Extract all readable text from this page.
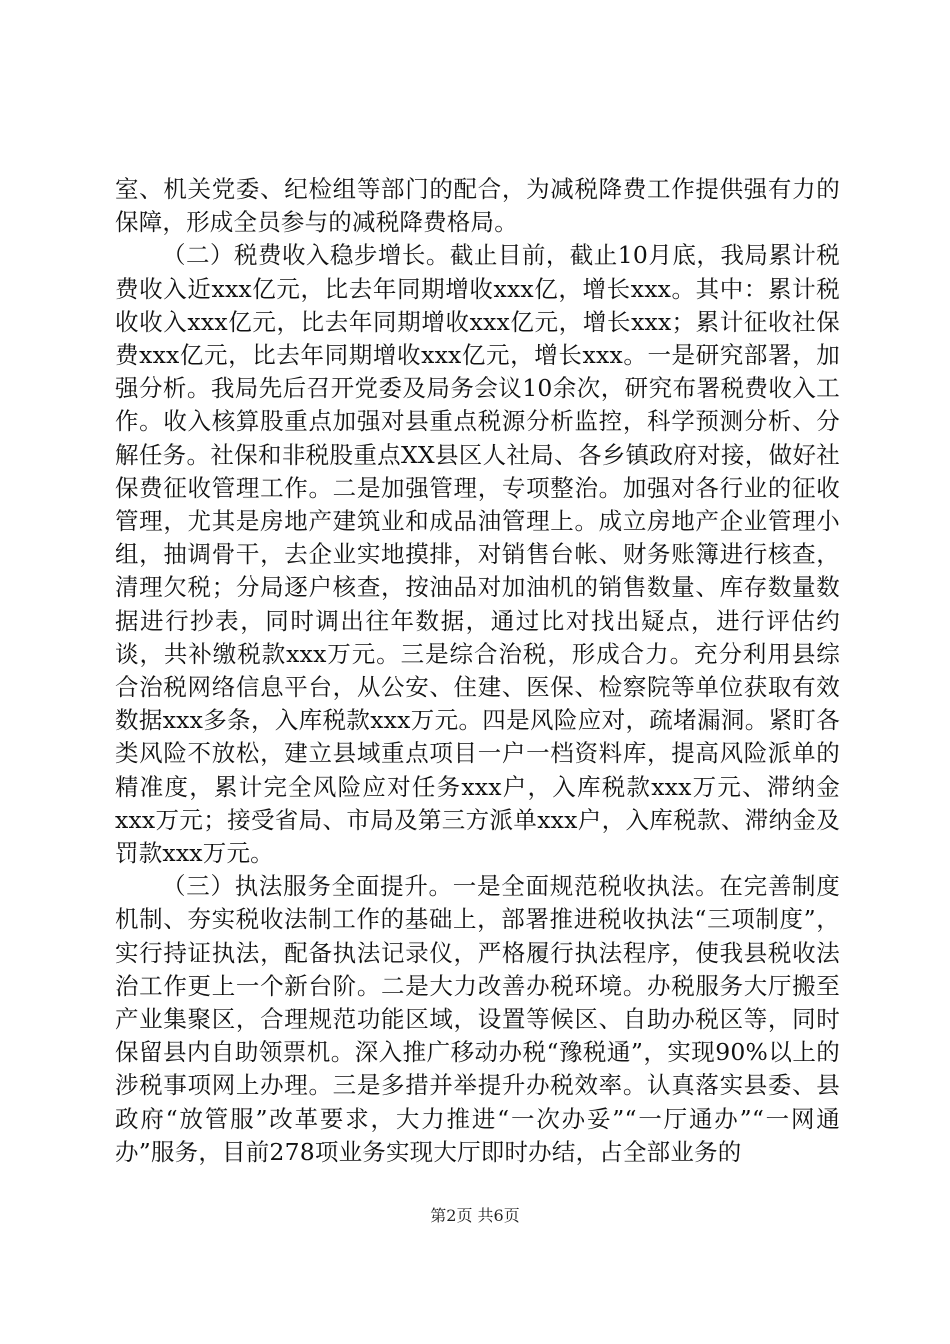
室、机关党委、纪检组等部门的配合，为减税降费工作提供强有力的保障，形成全员参与的减税降费格局。

（二）税费收入稳步增长。截止目前，截止10月底，我局累计税费收入近xxx亿元，比去年同期增收xxx亿，增长xxx。其中：累计税收收入xxx亿元，比去年同期增收xxx亿元，增长xxx；累计征收社保费xxx亿元，比去年同期增收xxx亿元，增长xxx。一是研究部署，加强分析。我局先后召开党委及局务会议10余次，研究布署税费收入工作。收入核算股重点加强对县重点税源分析监控，科学预测分析、分解任务。社保和非税股重点XX县区人社局、各乡镇政府对接，做好社保费征收管理工作。二是加强管理，专项整治。加强对各行业的征收管理，尤其是房地产建筑业和成品油管理上。成立房地产企业管理小组，抽调骨干，去企业实地摸排，对销售台帐、财务账簿进行核查，清理欠税；分局逐户核查，按油品对加油机的销售数量、库存数量数据进行抄表，同时调出往年数据，通过比对找出疑点，进行评估约谈，共补缴税款xxx万元。三是综合治税，形成合力。充分利用县综合治税网络信息平台，从公安、住建、医保、检察院等单位获取有效数据xxx多条，入库税款xxx万元。四是风险应对，疏堵漏洞。紧盯各类风险不放松，建立县域重点项目一户一档资料库，提高风险派单的精准度，累计完全风险应对任务xxx户，入库税款xxx万元、滞纳金xxx万元；接受省局、市局及第三方派单xxx户，入库税款、滞纳金及罚款xxx万元。

（三）执法服务全面提升。一是全面规范税收执法。在完善制度机制、夯实税收法制工作的基础上，部署推进税收执法“三项制度”，实行持证执法，配备执法记录仪，严格履行执法程序，使我县税收法治工作更上一个新台阶。二是大力改善办税环境。办税服务大厅搬至产业集聚区，合理规范功能区域，设置等候区、自助办税区等，同时保留县内自助领票机。深入推广移动办税“豫税通”，实现90%以上的涉税事项网上办理。三是多措并举提升办税效率。认真落实县委、县政府“放管服”改革要求，大力推进“一次办妥”“一厅通办”“一网通办”服务，目前278项业务实现大厅即时办结，占全部业务的

第2页 共6页
